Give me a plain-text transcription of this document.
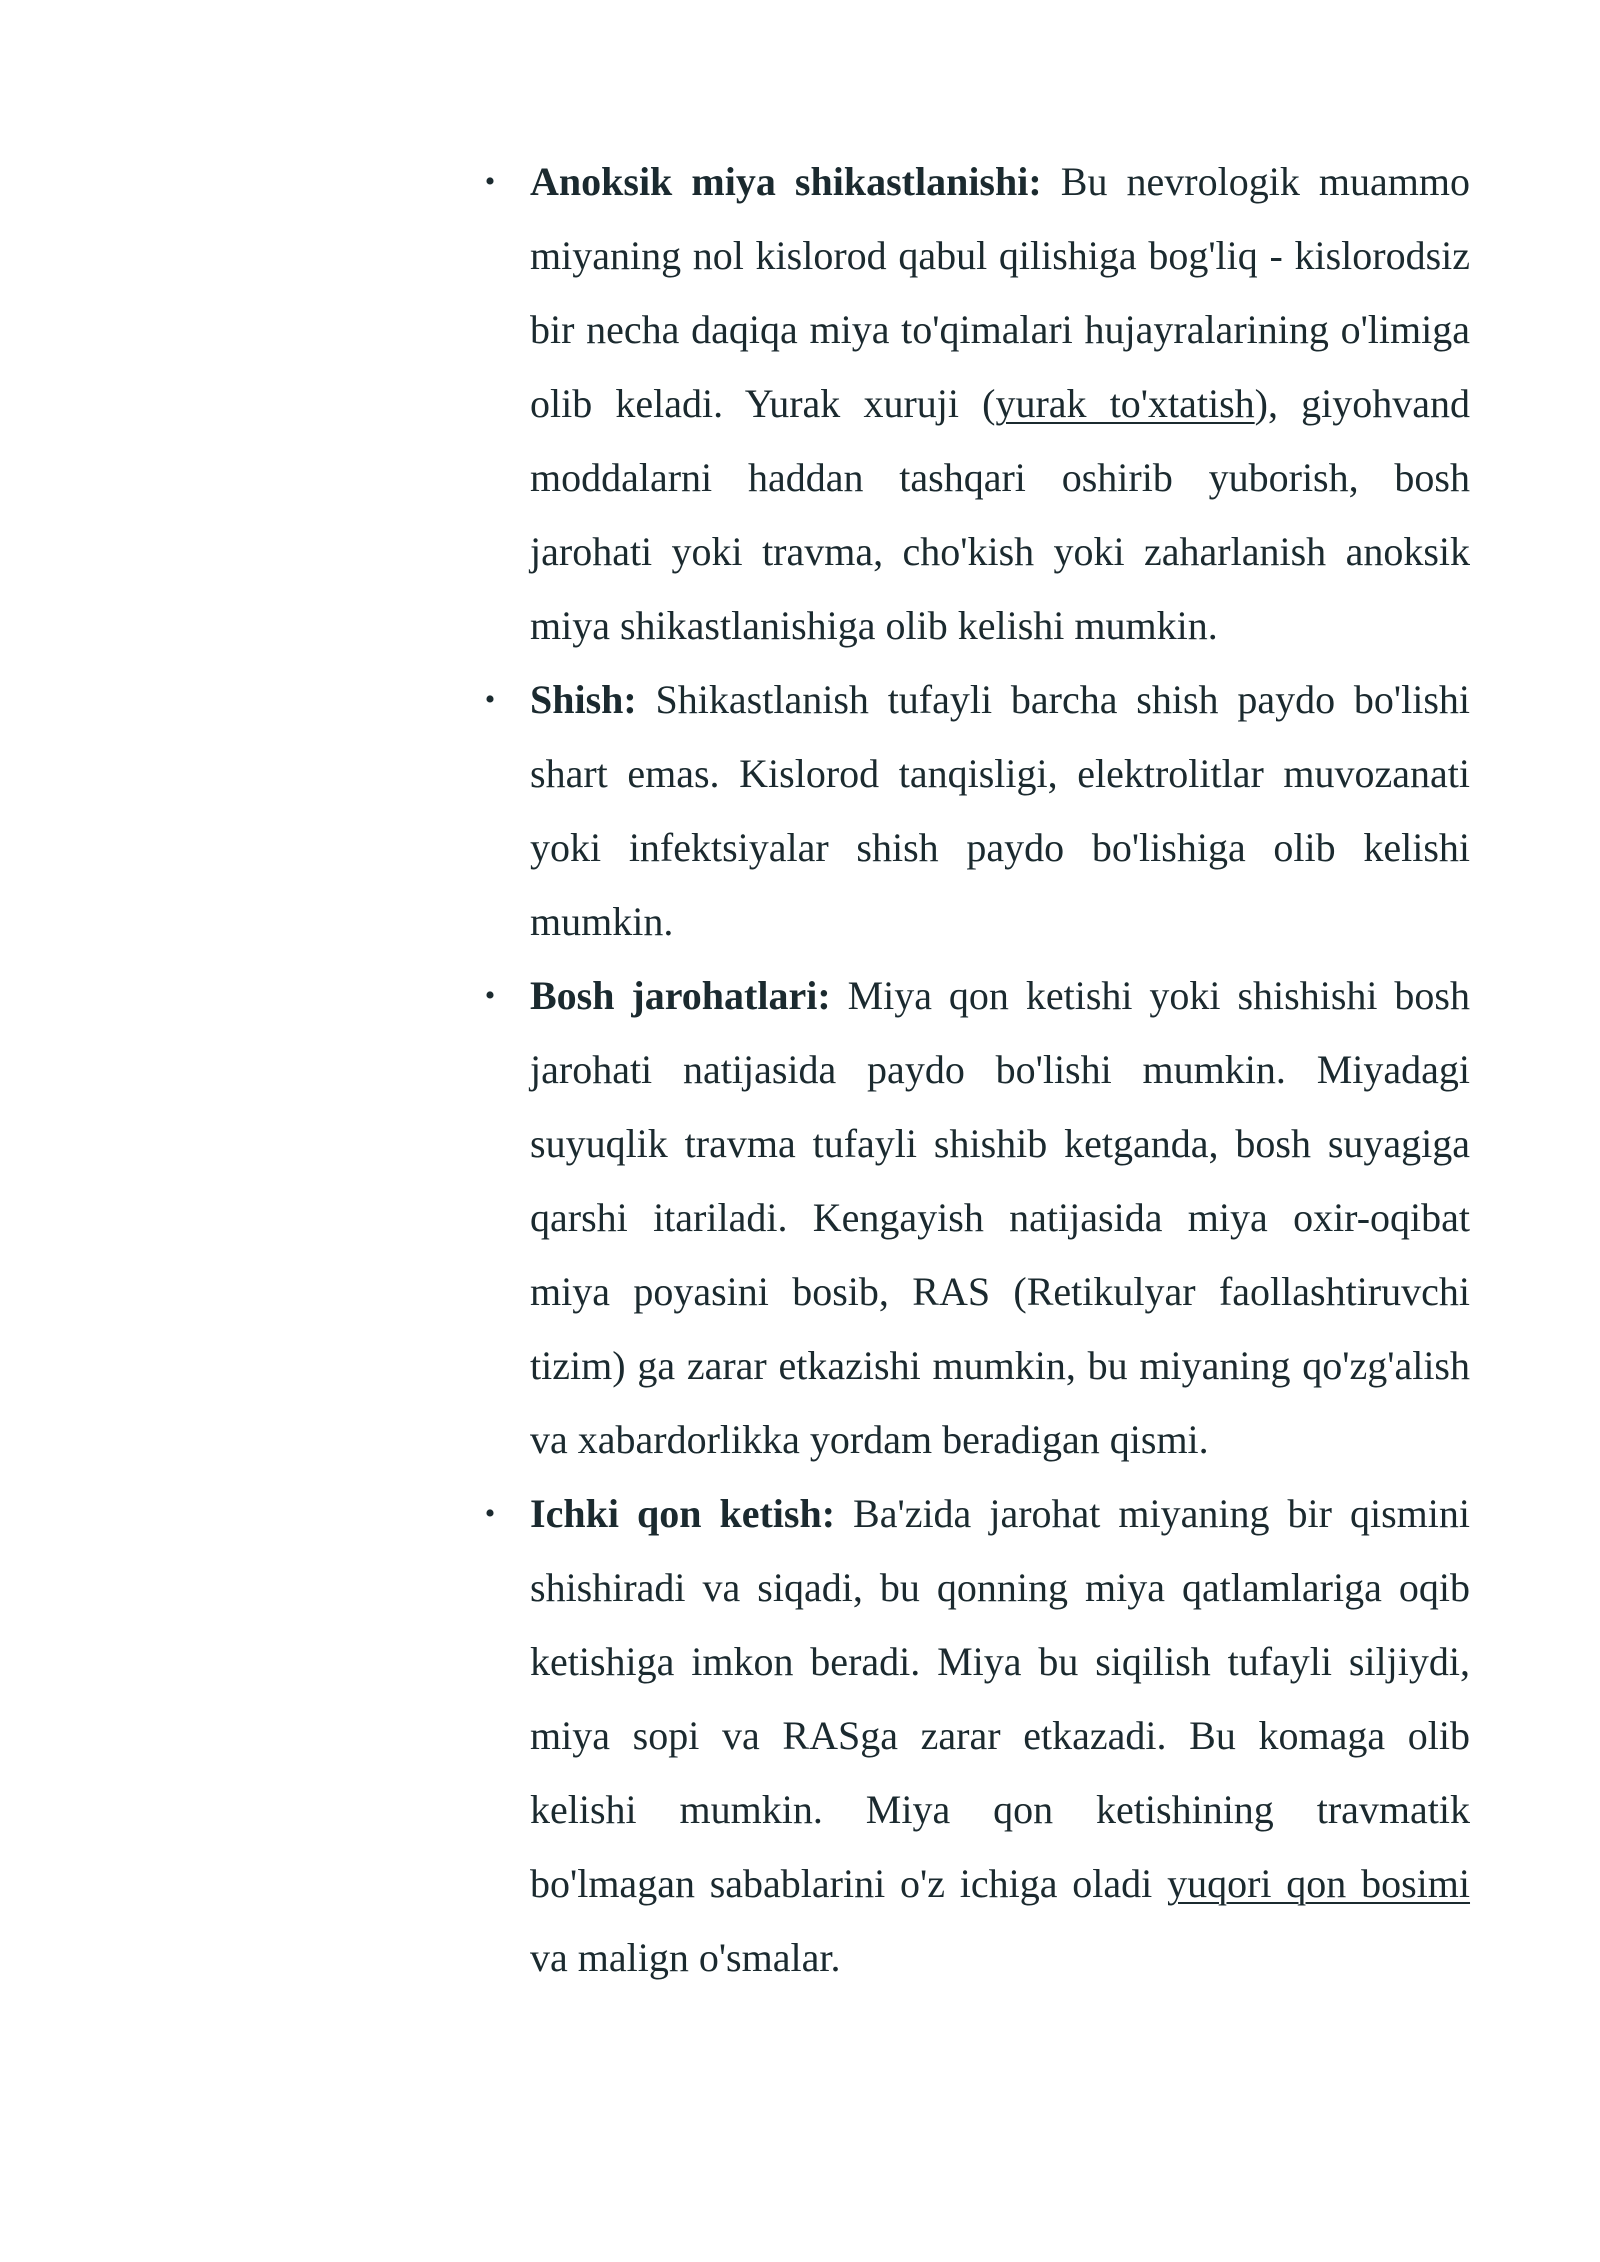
• Anoksik miya shikastlanishi: Bu nevrologik muammo miyaning nol kislorod qabul qilishiga bog'liq - kislorodsiz bir necha daqiqa miya to'qimalari hujayralarining o'limiga olib keladi. Yurak xuruji (yurak to'xtatish), giyohvand moddalarni haddan tashqari oshirib yuborish, bosh jarohati yoki travma, cho'kish yoki zaharlanish anoksik miya shikastlanishiga olib kelishi mumkin.
• Shish: Shikastlanish tufayli barcha shish paydo bo'lishi shart emas. Kislorod tanqisligi, elektrolitlar muvozanati yoki infektsiyalar shish paydo bo'lishiga olib kelishi mumkin.
• Bosh jarohatlari: Miya qon ketishi yoki shishishi bosh jarohati natijasida paydo bo'lishi mumkin. Miyadagi suyuqlik travma tufayli shishib ketganda, bosh suyagiga qarshi itariladi. Kengayish natijasida miya oxir-oqibat miya poyasini bosib, RAS (Retikulyar faollashtiruvchi tizim) ga zarar etkazishi mumkin, bu miyaning qo'zg'alish va xabardorlikka yordam beradigan qismi.
• Ichki qon ketish: Ba'zida jarohat miyaning bir qismini shishiradi va siqadi, bu qonning miya qatlamlariga oqib ketishiga imkon beradi. Miya bu siqilish tufayli siljiydi, miya sopi va RASga zarar etkazadi. Bu komaga olib kelishi mumkin. Miya qon ketishining travmatik bo'lmagan sabablarini o'z ichiga oladi yuqori qon bosimi va malign o'smalar.
